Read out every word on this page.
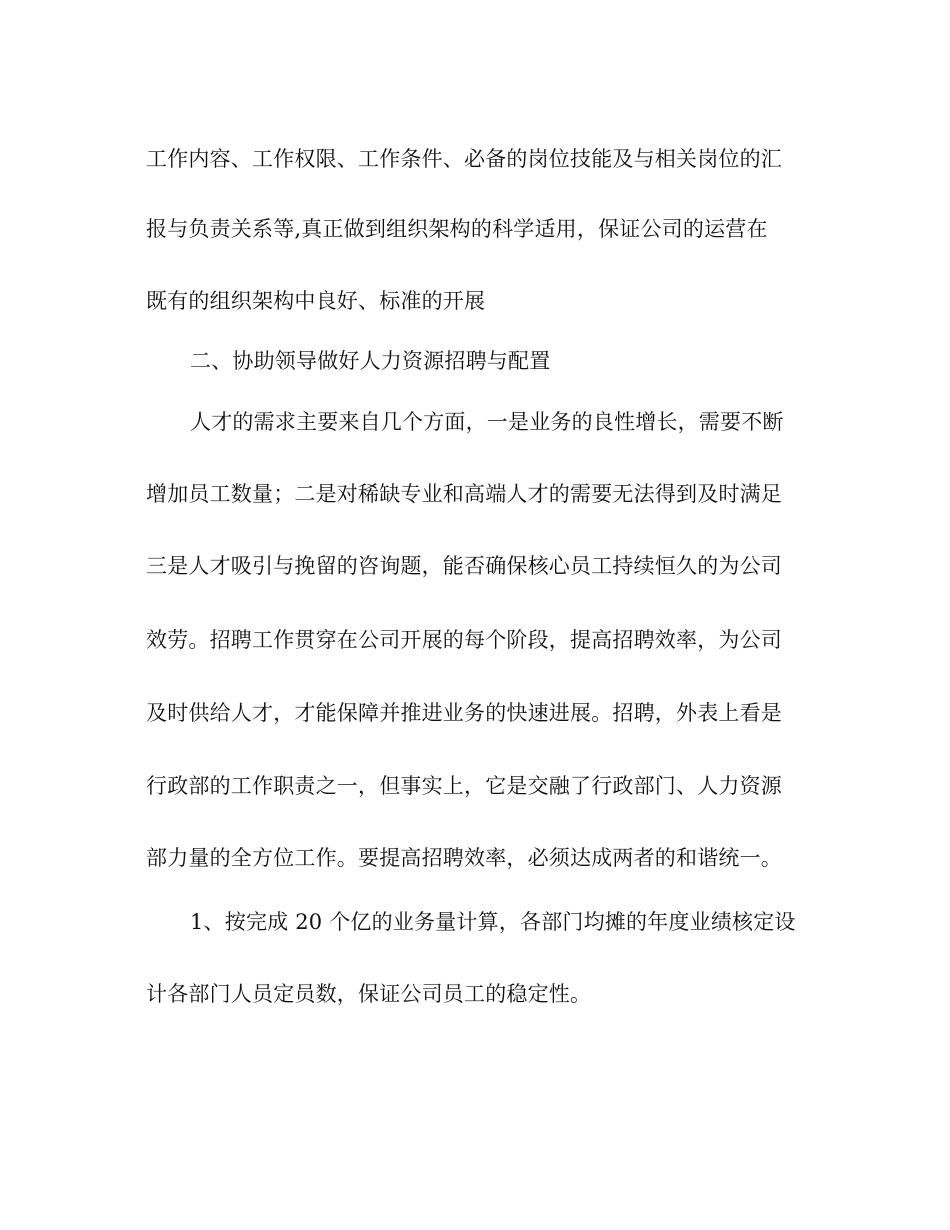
工作内容、工作权限、工作条件、必备的岗位技能及与相关岗位的汇
报与负责关系等,真正做到组织架构的科学适用，保证公司的运营在
既有的组织架构中良好、标准的开展
二、协助领导做好人力资源招聘与配置
人才的需求主要来自几个方面，一是业务的良性增长，需要不断
增加员工数量；二是对稀缺专业和高端人才的需要无法得到及时满足
三是人才吸引与挽留的咨询题，能否确保核心员工持续恒久的为公司
效劳。招聘工作贯穿在公司开展的每个阶段，提高招聘效率，为公司
及时供给人才，才能保障并推进业务的快速进展。招聘，外表上看是
行政部的工作职责之一，但事实上，它是交融了行政部门、人力资源
部力量的全方位工作。要提高招聘效率，必须达成两者的和谐统一。
1、按完成 20 个亿的业务量计算，各部门均摊的年度业绩核定设
计各部门人员定员数，保证公司员工的稳定性。
